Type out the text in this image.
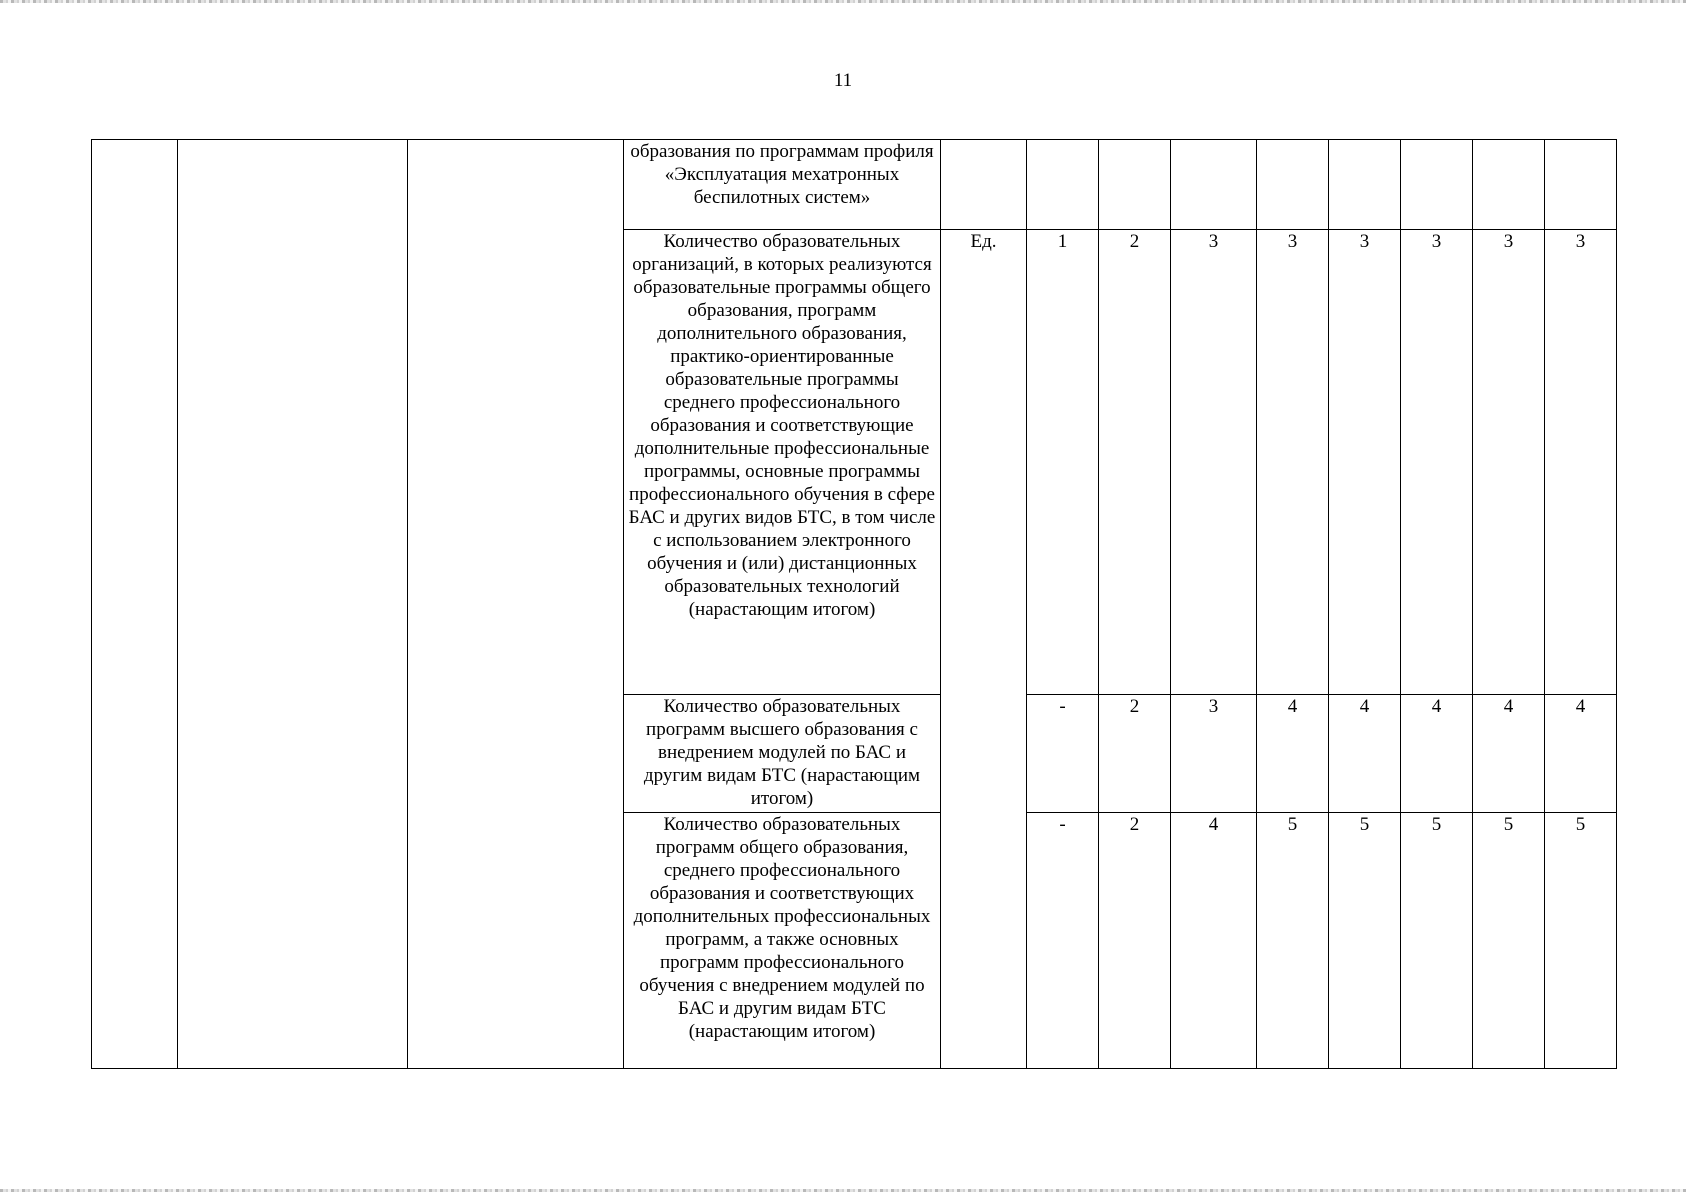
11
			образования по программам профиля «Эксплуатация мехатронных беспилотных систем»									
			Количество образовательных организаций, в которых реализуются образовательные программы общего образования, программ дополнительного образования, практико-ориентированные образовательные программы среднего профессионального образования и соответствующие дополнительные профессиональные программы, основные программы профессионального обучения в сфере БАС и других видов БТС, в том числе с использованием электронного обучения и (или) дистанционных образовательных технологий (нарастающим итогом)	Ед.	1	2	3	3	3	3	3	3
			Количество образовательных программ высшего образования с внедрением модулей по БАС и другим видам БТС (нарастающим итогом)		-	2	3	4	4	4	4	4
			Количество образовательных программ общего образования, среднего профессионального образования и соответствующих дополнительных профессиональных программ, а также основных программ профессионального обучения с внедрением модулей по БАС и другим видам БТС (нарастающим итогом)		-	2	4	5	5	5	5	5
